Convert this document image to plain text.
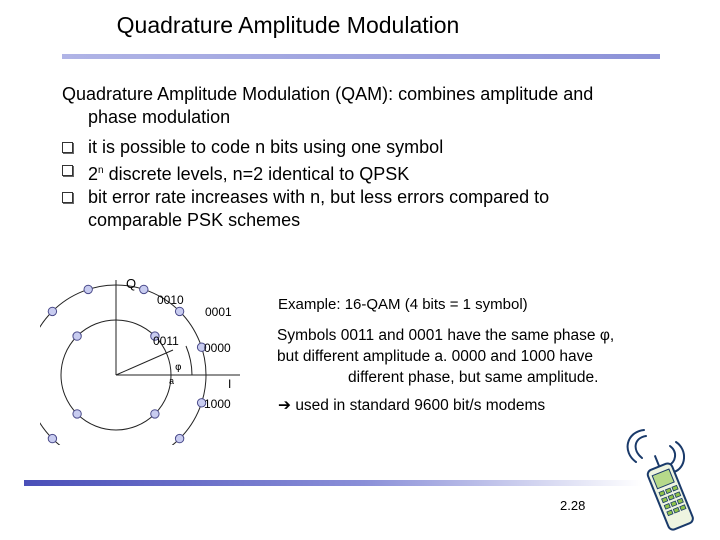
Quadrature Amplitude Modulation
Quadrature Amplitude Modulation (QAM): combines amplitude and
phase modulation
it is possible to code n bits using one symbol
2$^n$ discrete levels, n=2 identical to QPSK
bit error rate increases with n, but less errors compared to
comparable PSK schemes
Q
I
0010
0001
0011 0000
1000
φ
a
Example: 16-QAM (4 bits = 1 symbol)
Symbols 0011 and 0001 have the same phase φ,
but different amplitude a. 0000 and 1000 have
different phase, but same amplitude.
➔ used in standard 9600 bit/s modems
2.28
